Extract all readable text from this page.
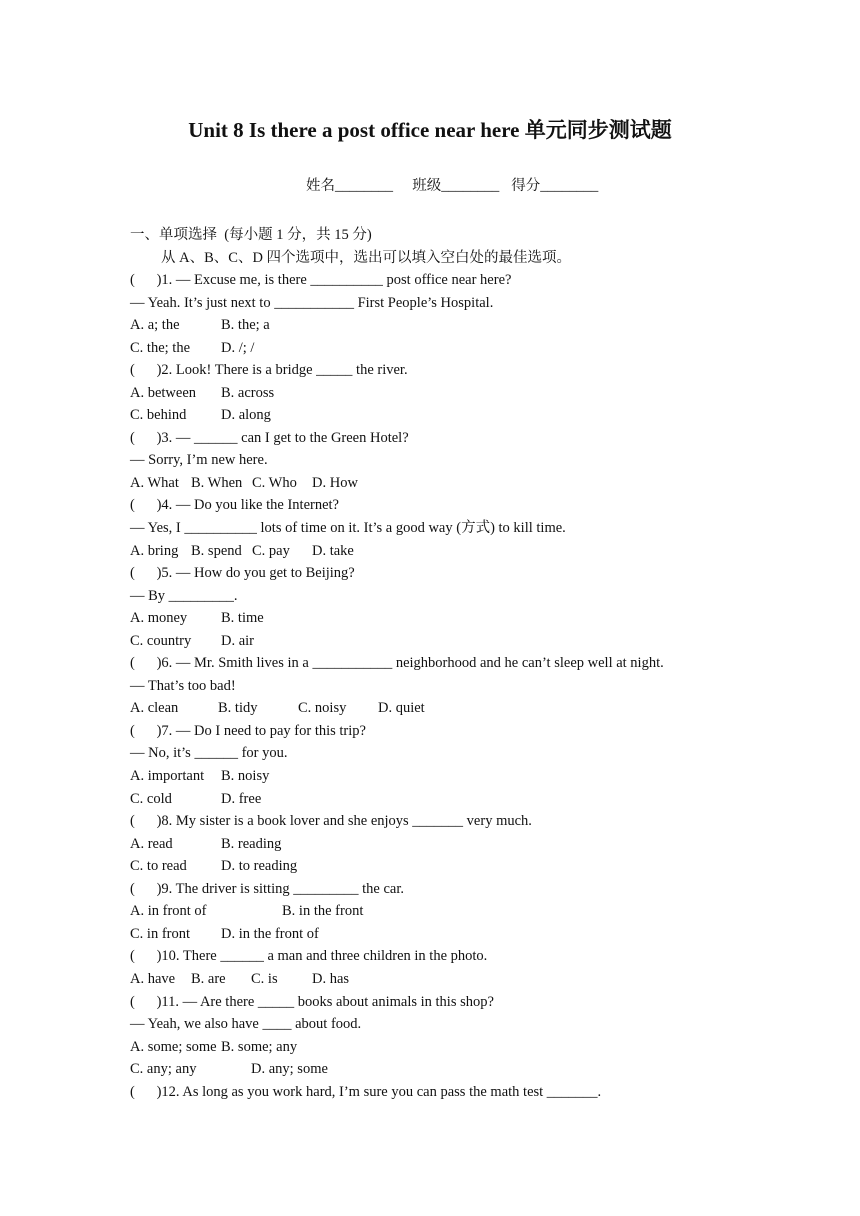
Unit 8 Is there a post office near here 单元同步测试题
姓名________ 班级________ 得分________
一、单项选择  (每小题 1 分，共 15 分)
从 A、B、C、D 四个选项中，选出可以填入空白处的最佳选项。
(      )1. — Excuse me, is there __________ post office near here?
— Yeah. It’s just next to ___________ First People’s Hospital.

A. a; the

	B. the; a

C. the; the

D. /; /

(      )2. Look! There is a bridge _____ the river.

A. between

B. across

C. behind

D. along

(      )3. — ______ can I get to the Green Hotel?
— Sorry, I’m new here.

A. What

B. When

C. Who

D. How

(      )4. — Do you like the Internet?
— Yes, I __________ lots of time on it. It’s a good way (方式) to kill time.

A. bring

B. spend

C. pay

D. take

(      )5. — How do you get to Beijing?
— By _________.

A. money

B. time

C. country

D. air

(      )6. — Mr. Smith lives in a ___________ neighborhood and he can’t sleep well at night.
— That’s too bad!

A. clean

	B. tidy

	C. noisy

D. quiet

(      )7. — Do I need to pay for this trip?
— No, it’s ______ for you.

A. important

B. noisy

C. cold

	D. free

(      )8. My sister is a book lover and she enjoys _______ very much.

A. read

	B. reading

C. to read

D. to reading

(      )9. The driver is sitting _________ the car.

A. in front of

	B. in the front

C. in front

D. in the front of

(      )10. There ______ a man and three children in the photo.

A. have

B. are

C. is

D. has

(      )11. — Are there _____ books about animals in this shop?
— Yeah, we also have ____ about food.

A. some; some

B. some; any

C. any; any

	D. any; some

(      )12. As long as you work hard, I’m sure you can pass the math test _______.
